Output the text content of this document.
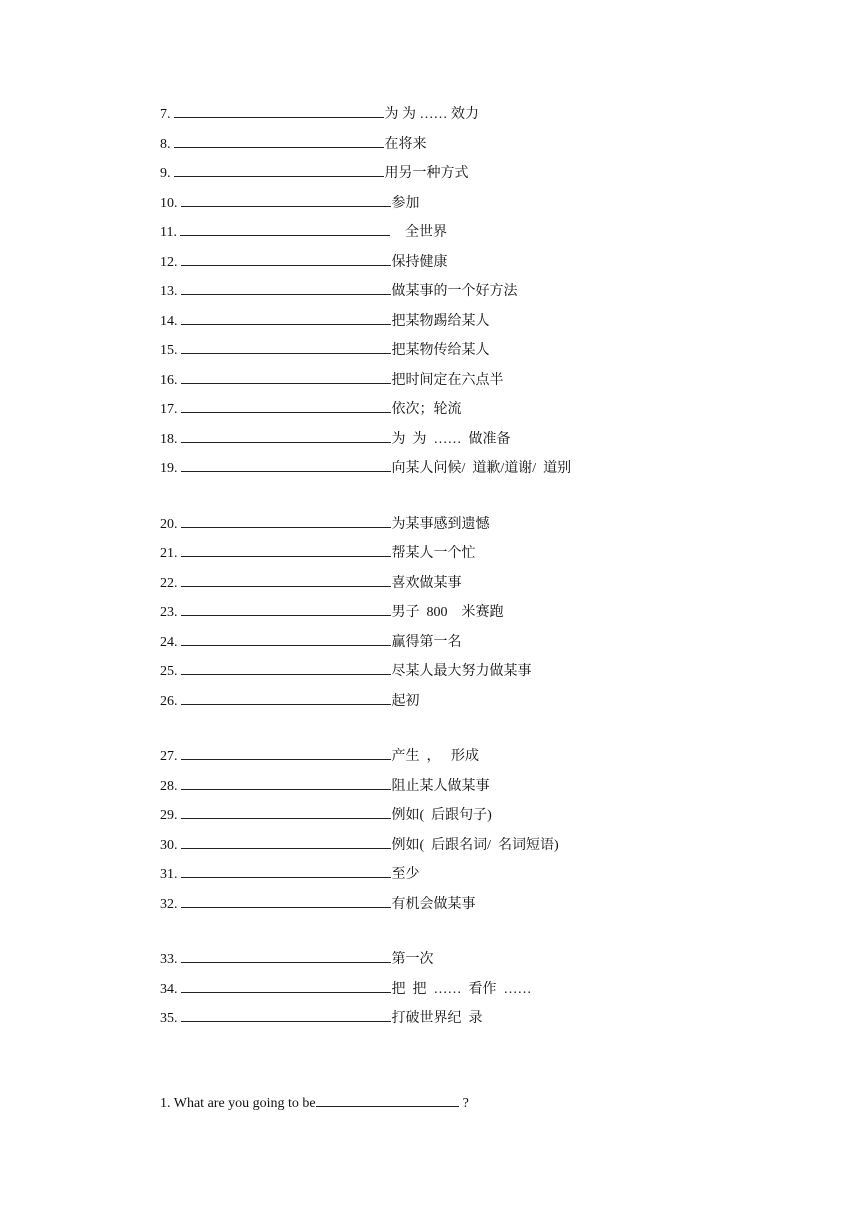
7.	为 为 …… 效力
8.	在将来
9.	用另一种方式
10.	参加
11.	全世界
12.	保持健康
13.	做某事的一个好方法
14.	把某物踢给某人
15.	把某物传给某人
16.	把时间定在六点半
17.	依次；轮流
18.	为  为  ……  做准备
19.	向某人问候/  道歉/道谢/  道别
20.	为某事感到遗憾
21.	帮某人一个忙
22.	喜欢做某事
23.	男子  800    米赛跑
24.	赢得第一名
25.	尽某人最大努力做某事
26.	起初
27.	产生  ，   形成
28.	阻止某人做某事
29.	例如(  后跟句子)
30.	例如(  后跟名词/  名词短语)
31.	至少
32.	有机会做某事
33.	第一次
34.	把  把  ……  看作  ……
35.	打破世界纪  录
1. What are you going to be	?
